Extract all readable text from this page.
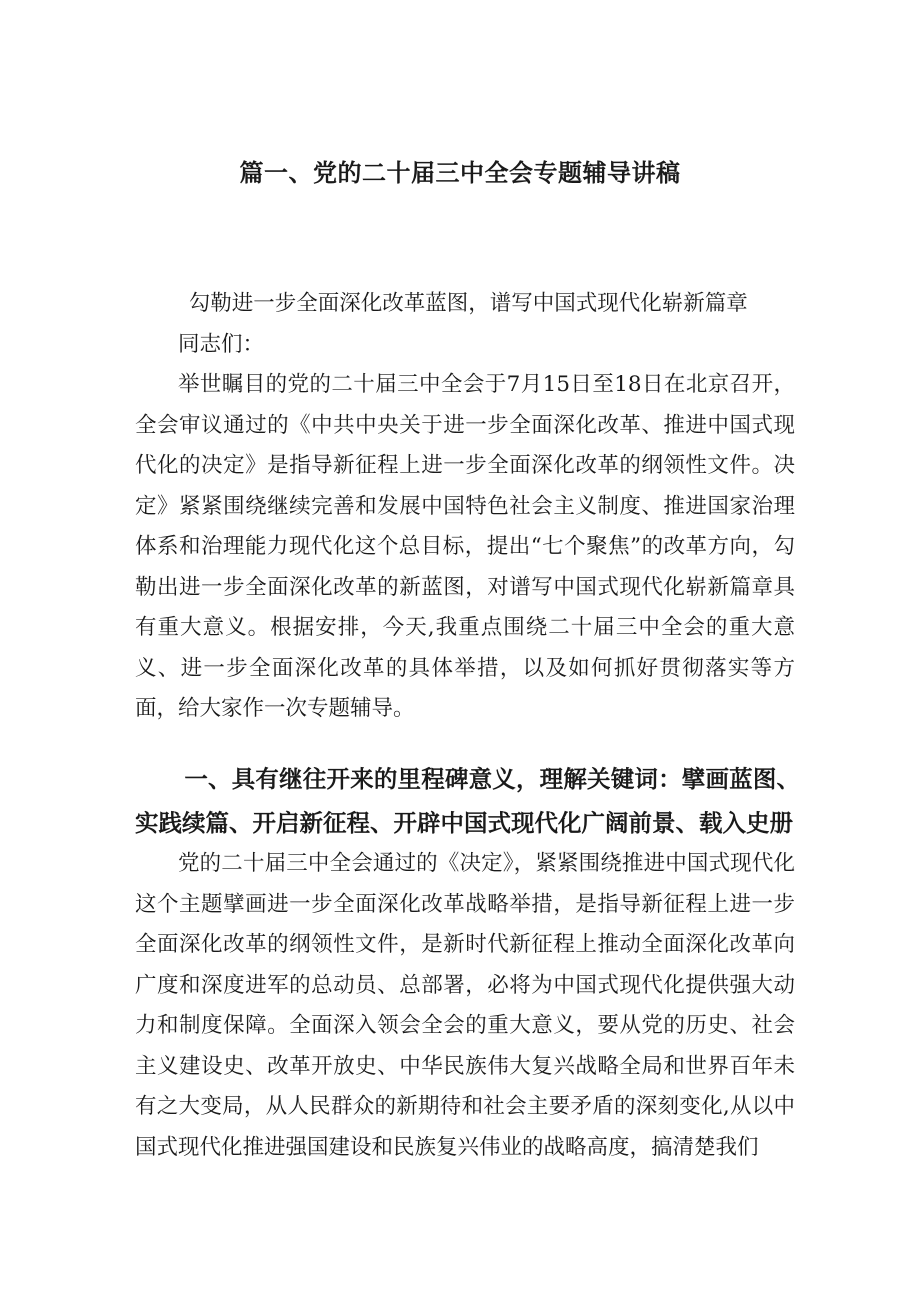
篇一、党的二十届三中全会专题辅导讲稿

勾勒进一步全面深化改革蓝图，谱写中国式现代化崭新篇章

同志们：

举世瞩目的党的二十届三中全会于7月15日至18日在北京召开，全会审议通过的《中共中央关于进一步全面深化改革、推进中国式现代化的决定》是指导新征程上进一步全面深化改革的纲领性文件。决定》紧紧围绕继续完善和发展中国特色社会主义制度、推进国家治理体系和治理能力现代化这个总目标，提出“七个聚焦”的改革方向，勾勒出进一步全面深化改革的新蓝图，对谱写中国式现代化崭新篇章具有重大意义。根据安排，今天,我重点围绕二十届三中全会的重大意义、进一步全面深化改革的具体举措，以及如何抓好贯彻落实等方面，给大家作一次专题辅导。

一、具有继往开来的里程碑意义，理解关键词：擘画蓝图、实践续篇、开启新征程、开辟中国式现代化广阔前景、载入史册

党的二十届三中全会通过的《决定》，紧紧围绕推进中国式现代化这个主题擘画进一步全面深化改革战略举措，是指导新征程上进一步全面深化改革的纲领性文件，是新时代新征程上推动全面深化改革向广度和深度进军的总动员、总部署，必将为中国式现代化提供强大动力和制度保障。全面深入领会全会的重大意义，要从党的历史、社会主义建设史、改革开放史、中华民族伟大复兴战略全局和世界百年未有之大变局，从人民群众的新期待和社会主要矛盾的深刻变化,从以中国式现代化推进强国建设和民族复兴伟业的战略高度，搞清楚我们
